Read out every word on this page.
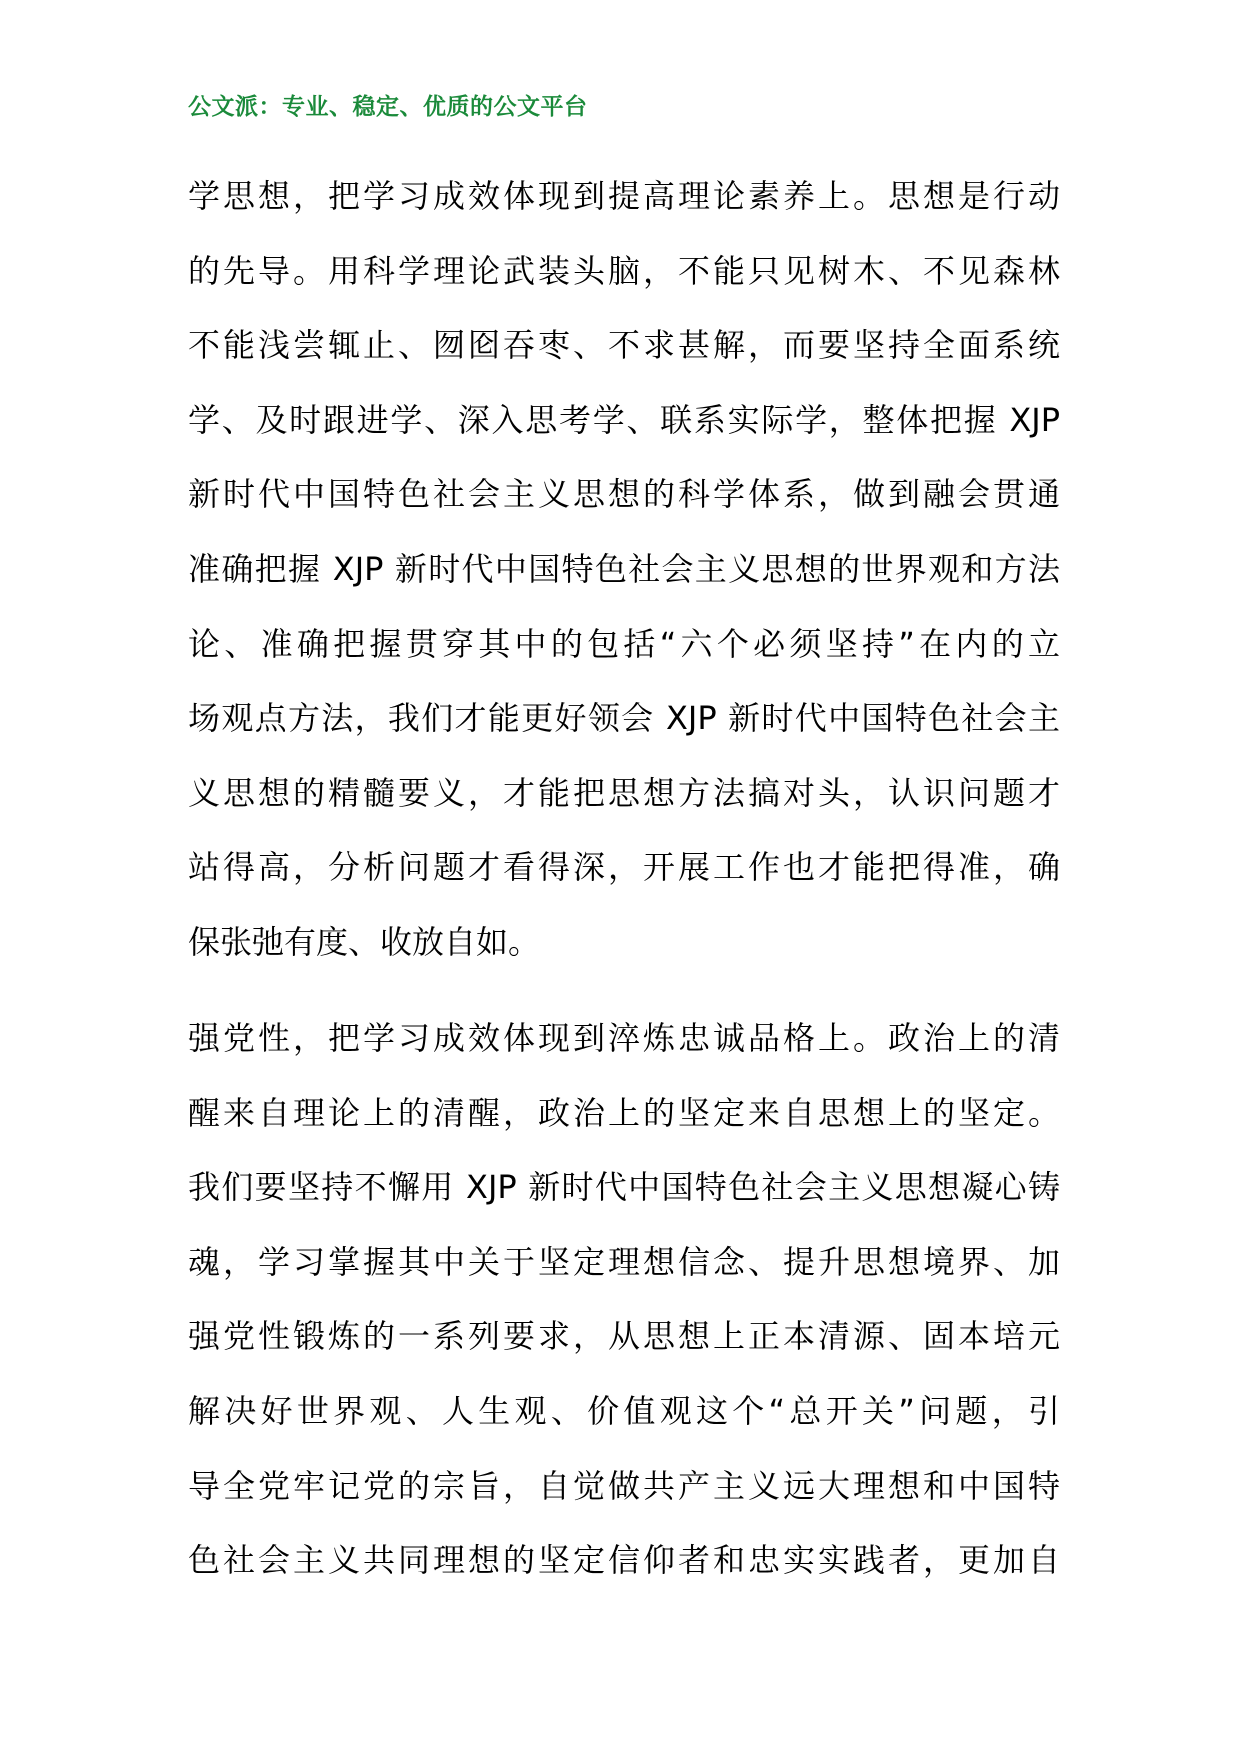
公文派：专业、稳定、优质的公文平台
学思想，把学习成效体现到提高理论素养上。思想是行动
的先导。用科学理论武装头脑，不能只见树木、不见森林
不能浅尝辄止、囫囵吞枣、不求甚解，而要坚持全面系统
学、及时跟进学、深入思考学、联系实际学，整体把握 XJP
新时代中国特色社会主义思想的科学体系，做到融会贯通
准确把握 XJP 新时代中国特色社会主义思想的世界观和方法
论、准确把握贯穿其中的包括“六个必须坚持”在内的立
场观点方法，我们才能更好领会 XJP 新时代中国特色社会主
义思想的精髓要义，才能把思想方法搞对头，认识问题才
站得高，分析问题才看得深，开展工作也才能把得准，确
保张弛有度、收放自如。
强党性，把学习成效体现到淬炼忠诚品格上。政治上的清
醒来自理论上的清醒，政治上的坚定来自思想上的坚定。
我们要坚持不懈用 XJP 新时代中国特色社会主义思想凝心铸
魂，学习掌握其中关于坚定理想信念、提升思想境界、加
强党性锻炼的一系列要求，从思想上正本清源、固本培元
解决好世界观、人生观、价值观这个“总开关”问题，引
导全党牢记党的宗旨，自觉做共产主义远大理想和中国特
色社会主义共同理想的坚定信仰者和忠实实践者，更加自
